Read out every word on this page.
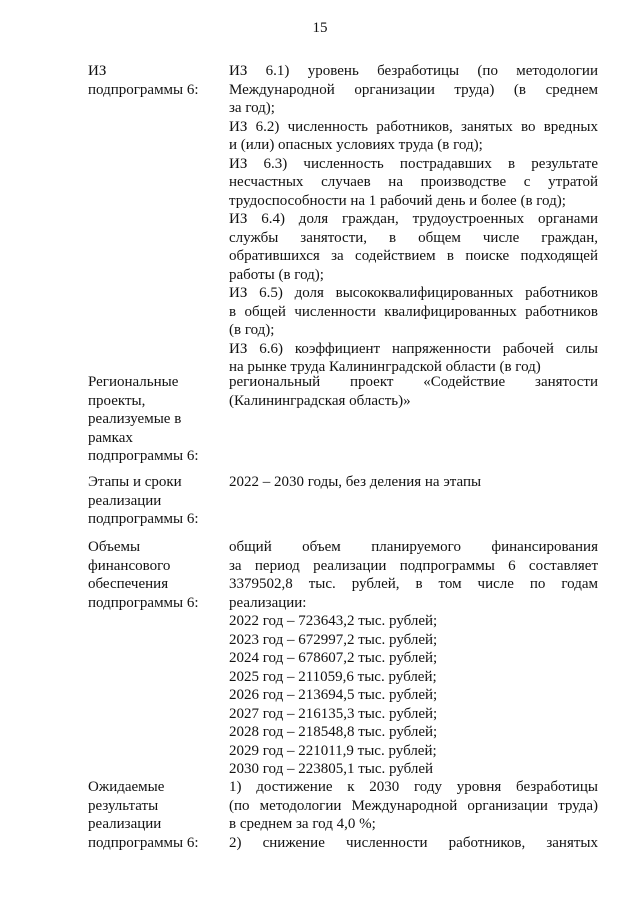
15
ИЗ
подпрограммы 6:
ИЗ 6.1) уровень безработицы (по методологии
Международной организации труда) (в среднем
за год);
ИЗ 6.2) численность работников, занятых во вредных
и (или) опасных условиях труда (в год);
ИЗ 6.3) численность пострадавших в результате
несчастных случаев на производстве с утратой
трудоспособности на 1 рабочий день и более (в год);
ИЗ 6.4) доля граждан, трудоустроенных органами
службы занятости, в общем числе граждан,
обратившихся за содействием в поиске подходящей
работы (в год);
ИЗ 6.5) доля высококвалифицированных работников
в общей численности квалифицированных работников
(в год);
ИЗ 6.6) коэффициент напряженности рабочей силы
на рынке труда Калининградской области (в год)
Региональные
проекты,
реализуемые в
рамках
подпрограммы 6:
региональный проект «Содействие занятости
(Калининградская область)»
Этапы и сроки
реализации
подпрограммы 6:
2022 – 2030 годы, без деления на этапы
Объемы
финансового
обеспечения
подпрограммы 6:
общий объем планируемого финансирования
за период реализации подпрограммы 6 составляет
3379502,8 тыс. рублей, в том числе по годам
реализации:
2022 год – 723643,2 тыс. рублей;
2023 год – 672997,2 тыс. рублей;
2024 год – 678607,2 тыс. рублей;
2025 год – 211059,6 тыс. рублей;
2026 год – 213694,5 тыс. рублей;
2027 год – 216135,3 тыс. рублей;
2028 год – 218548,8 тыс. рублей;
2029 год – 221011,9 тыс. рублей;
2030 год – 223805,1 тыс. рублей
Ожидаемые
результаты
реализации
подпрограммы 6:
1) достижение к 2030 году уровня безработицы
(по методологии Международной организации труда)
в среднем за год 4,0 %;
2) снижение численности работников, занятых
